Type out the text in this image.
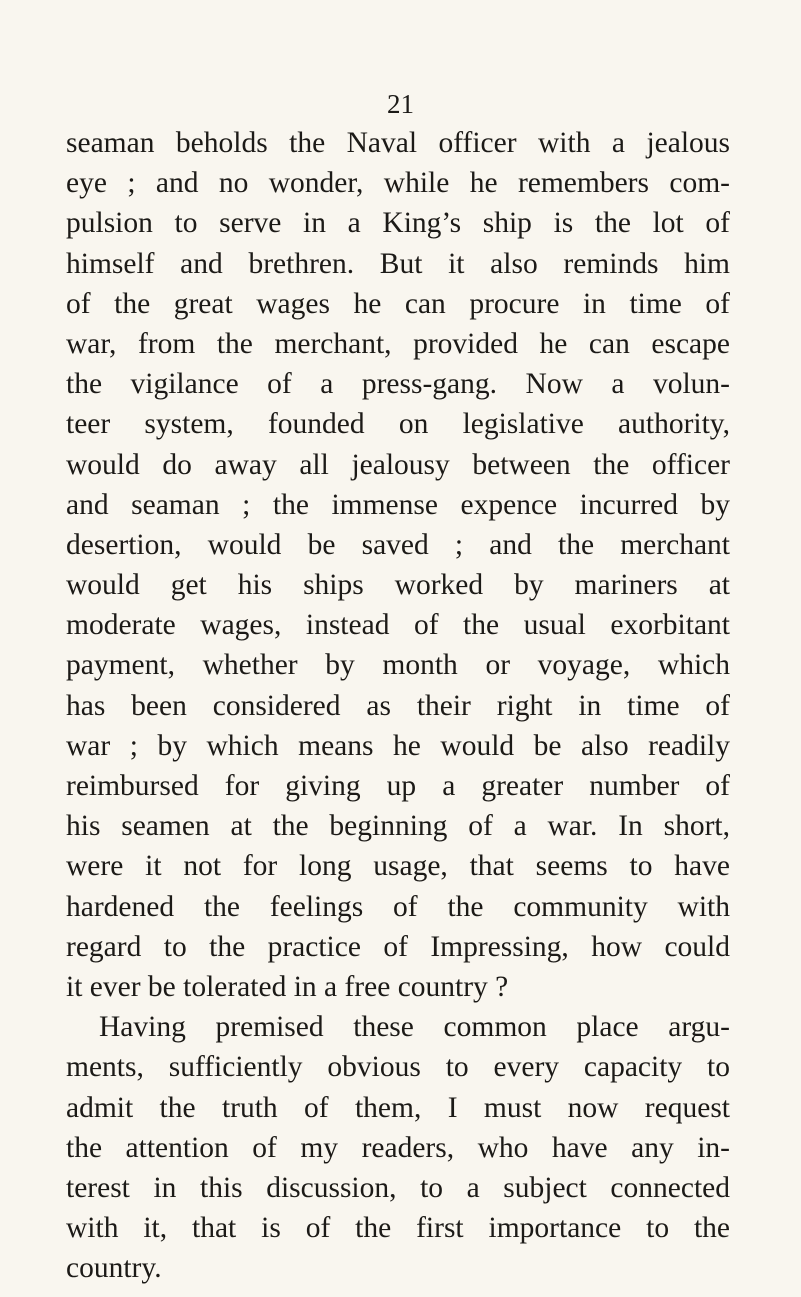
21
seaman beholds the Naval officer with a jealous
eye ; and no wonder, while he remembers com-
pulsion to serve in a King’s ship is the lot of
himself and brethren. But it also reminds him
of the great wages he can procure in time of
war, from the merchant, provided he can escape
the vigilance of a press-gang. Now a volun-
teer system, founded on legislative authority,
would do away all jealousy between the officer
and seaman ; the immense expence incurred by
desertion, would be saved ; and the merchant
would get his ships worked by mariners at
moderate wages, instead of the usual exorbitant
payment, whether by month or voyage, which
has been considered as their right in time of
war ; by which means he would be also readily
reimbursed for giving up a greater number of
his seamen at the beginning of a war. In short,
were it not for long usage, that seems to have
hardened the feelings of the community with
regard to the practice of Impressing, how could
it ever be tolerated in a free country ?
Having premised these common place argu-
ments, sufficiently obvious to every capacity to
admit the truth of them, I must now request
the attention of my readers, who have any in-
terest in this discussion, to a subject connected
with it, that is of the first importance to the
country.
